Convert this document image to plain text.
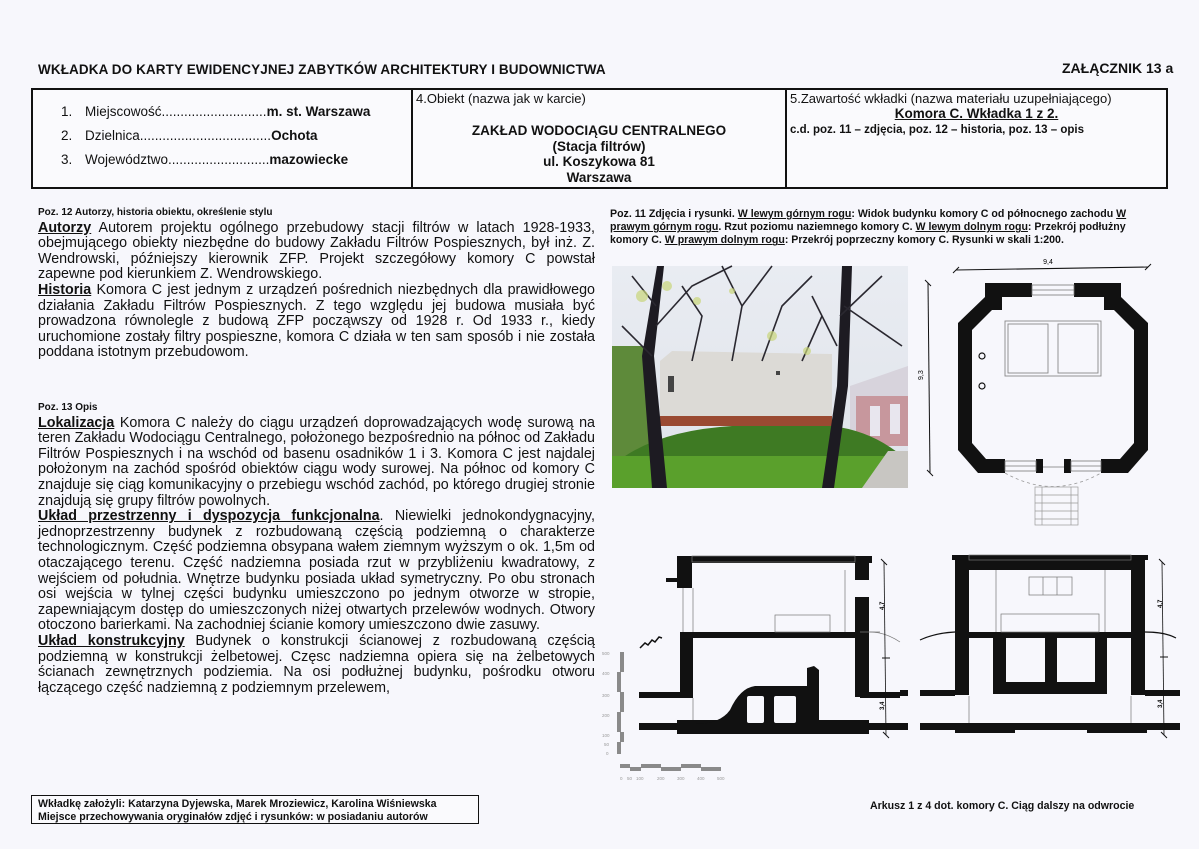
WKŁADKA DO KARTY EWIDENCYJNEJ ZABYTKÓW ARCHITEKTURY I BUDOWNICTWA	ZAŁĄCZNIK 13 a
1. Miejscowość............................m. st. Warszawa
2. Dzielnica...................................Ochota
3. Województwo...........................mazowiecke
4.Obiekt (nazwa jak w karcie)
ZAKŁAD WODOCIĄGU CENTRALNEGO
(Stacja filtrów)
ul. Koszykowa 81
Warszawa
5.Zawartość wkładki (nazwa materiału uzupełniającego)
Komora C. Wkładka 1 z 2.
c.d. poz. 11 – zdjęcia, poz. 12 – historia, poz. 13 – opis
Poz. 12 Autorzy, historia obiektu, określenie stylu

Autorzy Autorem projektu ogólnego przebudowy stacji filtrów w latach 1928-1933, obejmującego obiekty niezbędne do budowy Zakładu Filtrów Pospiesznych, był inż. Z. Wendrowski, późniejszy kierownik ZFP. Projekt szczegółowy komory C powstał zapewne pod kierunkiem Z. Wendrowskiego.

Historia Komora C jest jednym z urządzeń pośrednich niezbędnych dla prawidłowego działania Zakładu Filtrów Pospiesznych. Z tego względu jej budowa musiała być prowadzona równolegle z budową ZFP począwszy od 1928 r. Od 1933 r., kiedy uruchomione zostały filtry pospieszne, komora C działa w ten sam sposób i nie została poddana istotnym przebudowom.

Poz. 13 Opis

Lokalizacja Komora C należy do ciągu urządzeń doprowadzających wodę surową na teren Zakładu Wodociągu Centralnego, położonego bezpośrednio na północ od Zakładu Filtrów Pospiesznych i na wschód od basenu osadników 1 i 3. Komora C jest najdalej położonym na zachód spośród obiektów ciągu wody surowej. Na północ od komory C znajduje się ciąg komunikacyjny o przebiegu wschód zachód, po którego drugiej stronie znajdują się grupy filtrów powolnych.

Układ przestrzenny i dyspozycja funkcjonalna. Niewielki jednokondygnacyjny, jednoprzestrzenny budynek z rozbudowaną częścią podziemną o charakterze technologicznym. Część podziemna obsypana wałem ziemnym wyższym o ok. 1,5m od otaczającego terenu. Część nadziemna posiada rzut w przybliżeniu kwadratowy, z wejściem od południa. Wnętrze budynku posiada układ symetryczny. Po obu stronach osi wejścia w tylnej części budynku umieszczono po jednym otworze w stropie, zapewniającym dostęp do umieszczonych niżej otwartych przelewów wodnych. Otwory otoczono barierkami. Na zachodniej ścianie komory umieszczono dwie zasuwy.

Układ konstrukcyjny Budynek o konstrukcji ścianowej z rozbudowaną częścią podziemną w konstrukcji żelbetowej. Częsc nadziemna opiera się na żelbetowych ścianach zewnętrznych podziemia. Na osi podłużnej budynku, pośrodku otworu łączącego część nadziemną z podziemnym przelewem,

Poz. 11 Zdjęcia i rysunki. W lewym górnym rogu: Widok budynku komory C od północnego zachodu W prawym górnym rogu. Rzut poziomu naziemnego komory C. W lewym dolnym rogu: Przekrój podłużny komory C. W prawym dolnym rogu: Przekrój poprzeczny komory C. Rysunki w skali 1:200.
9,4
9,3
4,7
3,4
500
400
300
200
100
50
0
0 50 100	200	300	400	500
4,7
3,4
Wkładkę założyli: Katarzyna Dyjewska, Marek Mroziewicz, Karolina Wiśniewska
Miejsce przechowywania oryginałów zdjęć i rysunków: w posiadaniu autorów
Arkusz 1 z 4 dot. komory C. Ciąg dalszy na odwrocie
